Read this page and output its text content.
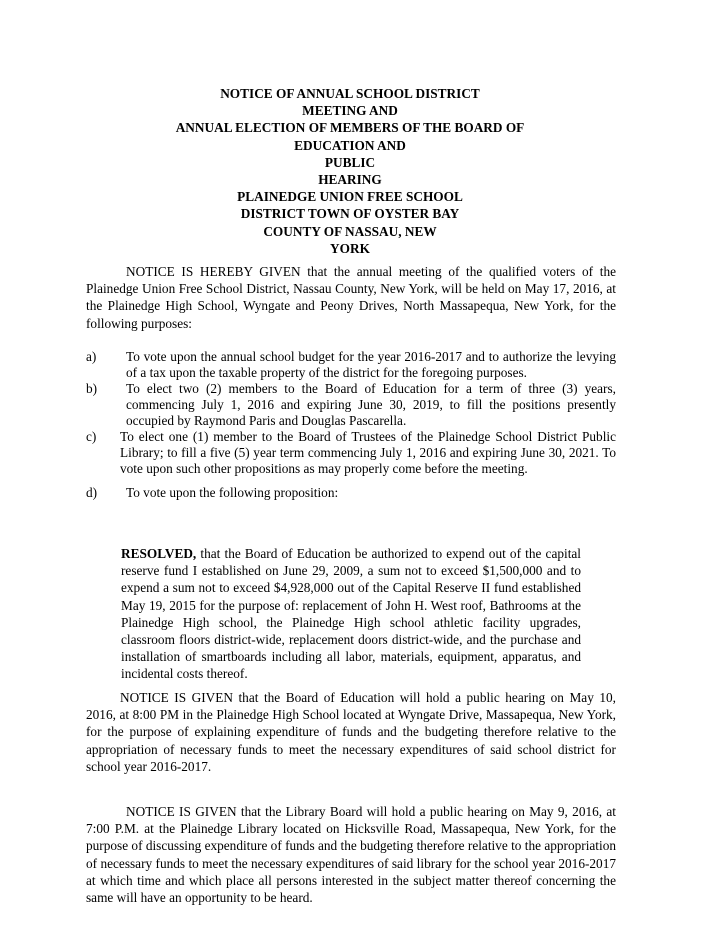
NOTICE OF ANNUAL SCHOOL DISTRICT
MEETING AND
ANNUAL ELECTION OF MEMBERS OF THE BOARD OF
EDUCATION AND
PUBLIC
HEARING
PLAINEDGE UNION FREE SCHOOL
DISTRICT TOWN OF OYSTER BAY
COUNTY OF NASSAU, NEW
YORK

NOTICE IS HEREBY GIVEN that the annual meeting of the qualified voters of the Plainedge Union Free School District, Nassau County, New York, will be held on May 17, 2016, at the Plainedge High School, Wyngate and Peony Drives, North Massapequa, New York, for the following purposes:

a) To vote upon the annual school budget for the year 2016-2017 and to authorize the levying of a tax upon the taxable property of the district for the foregoing purposes.
b) To elect two (2) members to the Board of Education for a term of three (3) years, commencing July 1, 2016 and expiring June 30, 2019, to fill the positions presently occupied by Raymond Paris and Douglas Pascarella.
c) To elect one (1) member to the Board of Trustees of the Plainedge School District Public Library; to fill a five (5) year term commencing July 1, 2016 and expiring June 30, 2021. To vote upon such other propositions as may properly come before the meeting.
d) To vote upon the following proposition:

RESOLVED, that the Board of Education be authorized to expend out of the capital reserve fund I established on June 29, 2009, a sum not to exceed $1,500,000 and to expend a sum not to exceed $4,928,000 out of the Capital Reserve II fund established May 19, 2015 for the purpose of: replacement of John H. West roof, Bathrooms at the Plainedge High school, the Plainedge High school athletic facility upgrades, classroom floors district-wide, replacement doors district-wide, and the purchase and installation of smartboards including all labor, materials, equipment, apparatus, and incidental costs thereof.

NOTICE IS GIVEN that the Board of Education will hold a public hearing on May 10, 2016, at 8:00 PM in the Plainedge High School located at Wyngate Drive, Massapequa, New York, for the purpose of explaining expenditure of funds and the budgeting therefore relative to the appropriation of necessary funds to meet the necessary expenditures of said school district for school year 2016-2017.

NOTICE IS GIVEN that the Library Board will hold a public hearing on May 9, 2016, at 7:00 P.M. at the Plainedge Library located on Hicksville Road, Massapequa, New York, for the purpose of discussing expenditure of funds and the budgeting therefore relative to the appropriation of necessary funds to meet the necessary expenditures of said library for the school year 2016-2017 at which time and which place all persons interested in the subject matter thereof concerning the same will have an opportunity to be heard.
